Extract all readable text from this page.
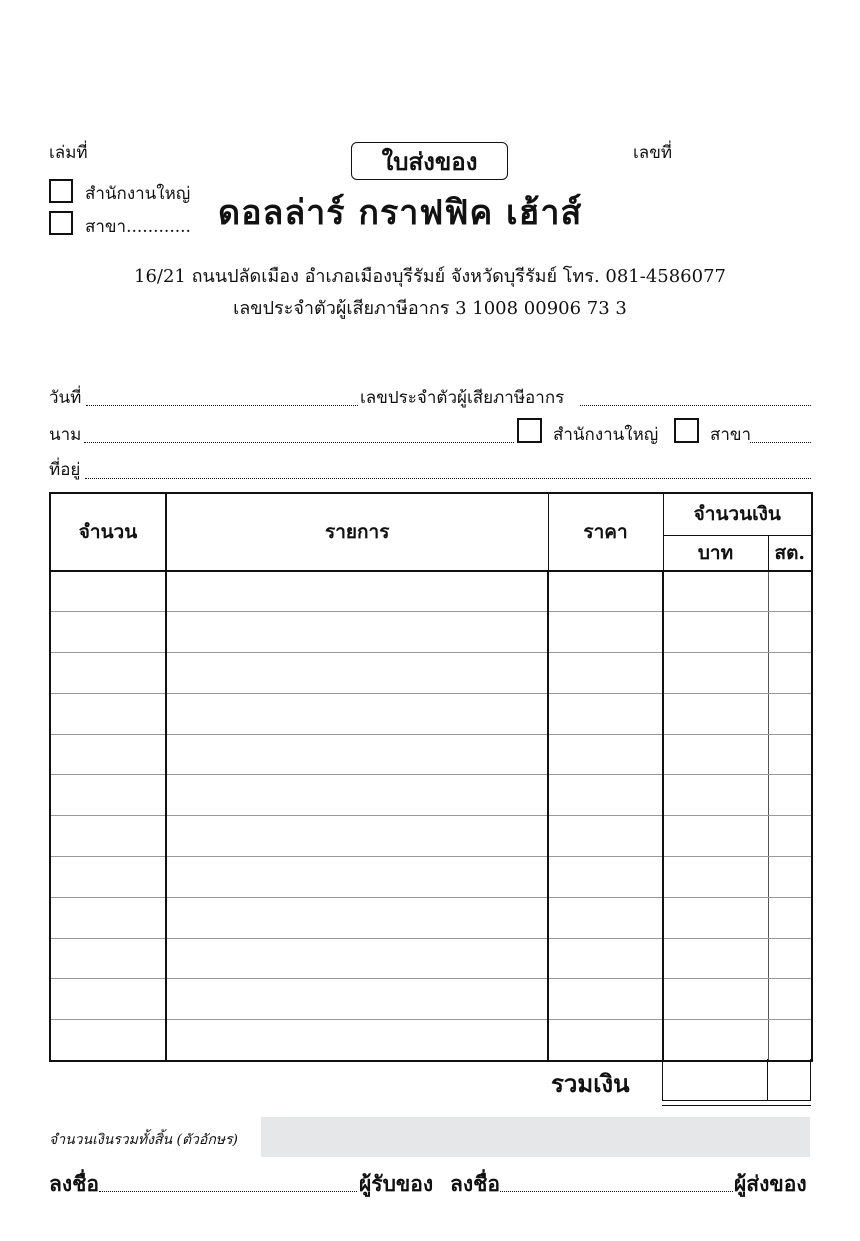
เล่มที่	เลขที่
ใบส่งของ
สำนักงานใหญ่
สาขา............ ดอลล่าร์ กราฟฟิค เฮ้าส์
16/21 ถนนปลัดเมือง อำเภอเมืองบุรีรัมย์ จังหวัดบุรีรัมย์ โทร. 081-4586077
เลขประจำตัวผู้เสียภาษีอากร 3 1008 00906 73 3
วันที่	เลขประจำตัวผู้เสียภาษีอากร
นาม	สำนักงานใหญ่	สาขา
ที่อยู่
จำนวน	รายการ	ราคา	จำนวนเงิน	
			บาท	สต.

รวมเงิน
จำนวนเงินรวมทั้งสิ้น (ตัวอักษร)
ลงชื่อ	ผู้รับของ ลงชื่อ	ผู้ส่งของ
